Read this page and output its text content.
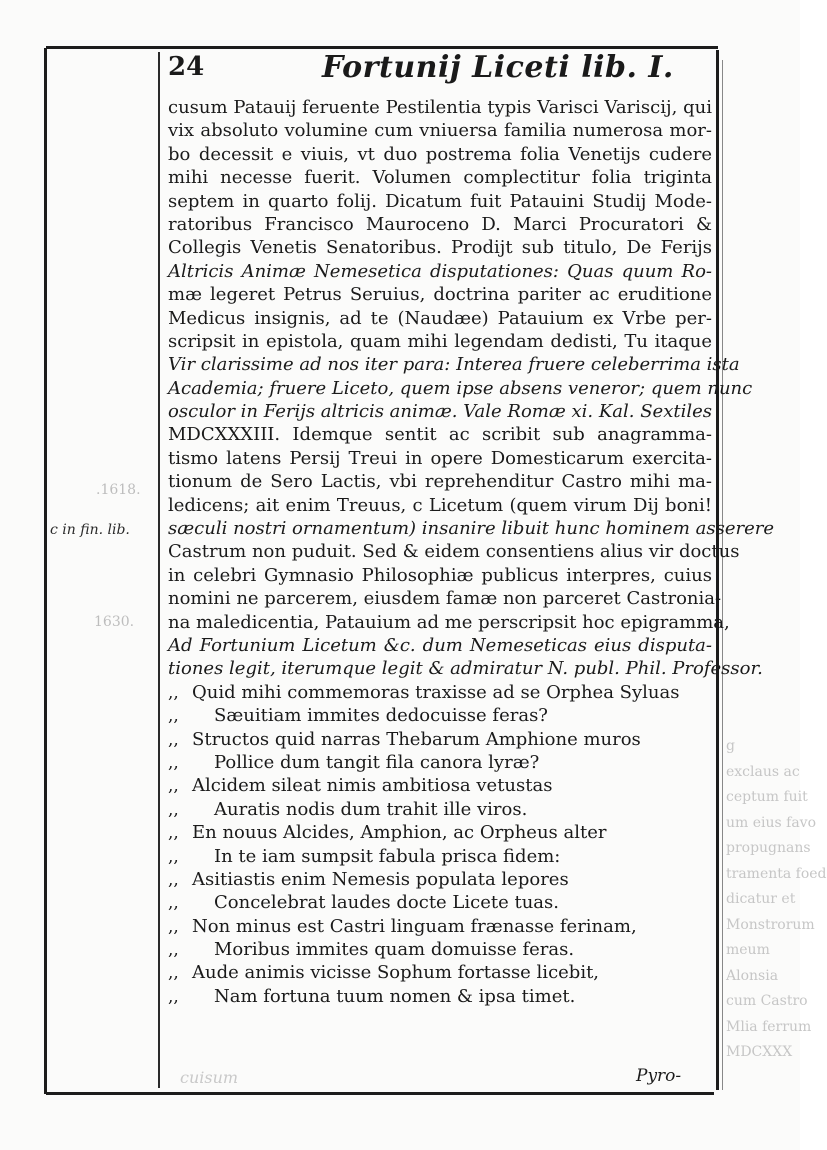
24	Fortunij Liceti lib. I.
c in fin. lib.
.1618.
1630.
cusum Patauij feruente Pestilentia typis Varisci Variscij, qui
vix absoluto volumine cum vniuersa familia numerosa mor-
bo decessit e viuis, vt duo postrema folia Venetijs cudere
mihi necesse fuerit. Volumen complectitur folia triginta
septem in quarto folij. Dicatum fuit Patauini Studij Mode-
ratoribus Francisco Mauroceno D. Marci Procuratori &
Collegis Venetis Senatoribus. Prodijt sub titulo, De Ferijs
Altricis Animæ Nemesetica disputationes: Quas quum Ro-
mæ legeret Petrus Seruius, doctrina pariter ac eruditione
Medicus insignis, ad te (Naudæe) Patauium ex Vrbe per-
scripsit in epistola, quam mihi legendam dedisti, Tu itaque
Vir clarissime ad nos iter para: Interea fruere celeberrima ista
Academia; fruere Liceto, quem ipse absens veneror; quem nunc
osculor in Ferijs altricis animæ. Vale Romæ xi. Kal. Sextiles
MDCXXXIII. Idemque sentit ac scribit sub anagramma-
tismo latens Persij Treui in opere Domesticarum exercita-
tionum de Sero Lactis, vbi reprehenditur Castro mihi ma-
ledicens; ait enim Treuus, c Licetum (quem virum Dij boni!
sæculi nostri ornamentum) insanire libuit hunc hominem asserere
Castrum non puduit. Sed & eidem consentiens alius vir doctus
in celebri Gymnasio Philosophiæ publicus interpres, cuius
nomini ne parcerem, eiusdem famæ non parceret Castronia-
na maledicentia, Patauium ad me perscripsit hoc epigramma,
Ad Fortunium Licetum &c. dum Nemeseticas eius disputa-
tiones legit, iterumque legit & admiratur N. publ. Phil. Professor.
,, Quid mihi commemoras traxisse ad se Orphea Syluas
,, Sæuitiam immites dedocuisse feras?
,, Structos quid narras Thebarum Amphione muros
,, Pollice dum tangit fila canora lyræ?
,, Alcidem sileat nimis ambitiosa vetustas
,, Auratis nodis dum trahit ille viros.
,, En nouus Alcides, Amphion, ac Orpheus alter
,, In te iam sumpsit fabula prisca fidem:
,, Asitiastis enim Nemesis populata lepores
,, Concelebrat laudes docte Licete tuas.
,, Non minus est Castri linguam frænasse ferinam,
,, Moribus immites quam domuisse feras.
,, Aude animis vicisse Sophum fortasse licebit,
,, Nam fortuna tuum nomen & ipsa timet.
g
exclaus ac
ceptum fuit
um eius favo
propugnans
tramenta foed
dicatur et
Monstrorum
meum
Alonsia
cum Castro
Mlia ferrum
MDCXXX
cuisum	Pyro-
